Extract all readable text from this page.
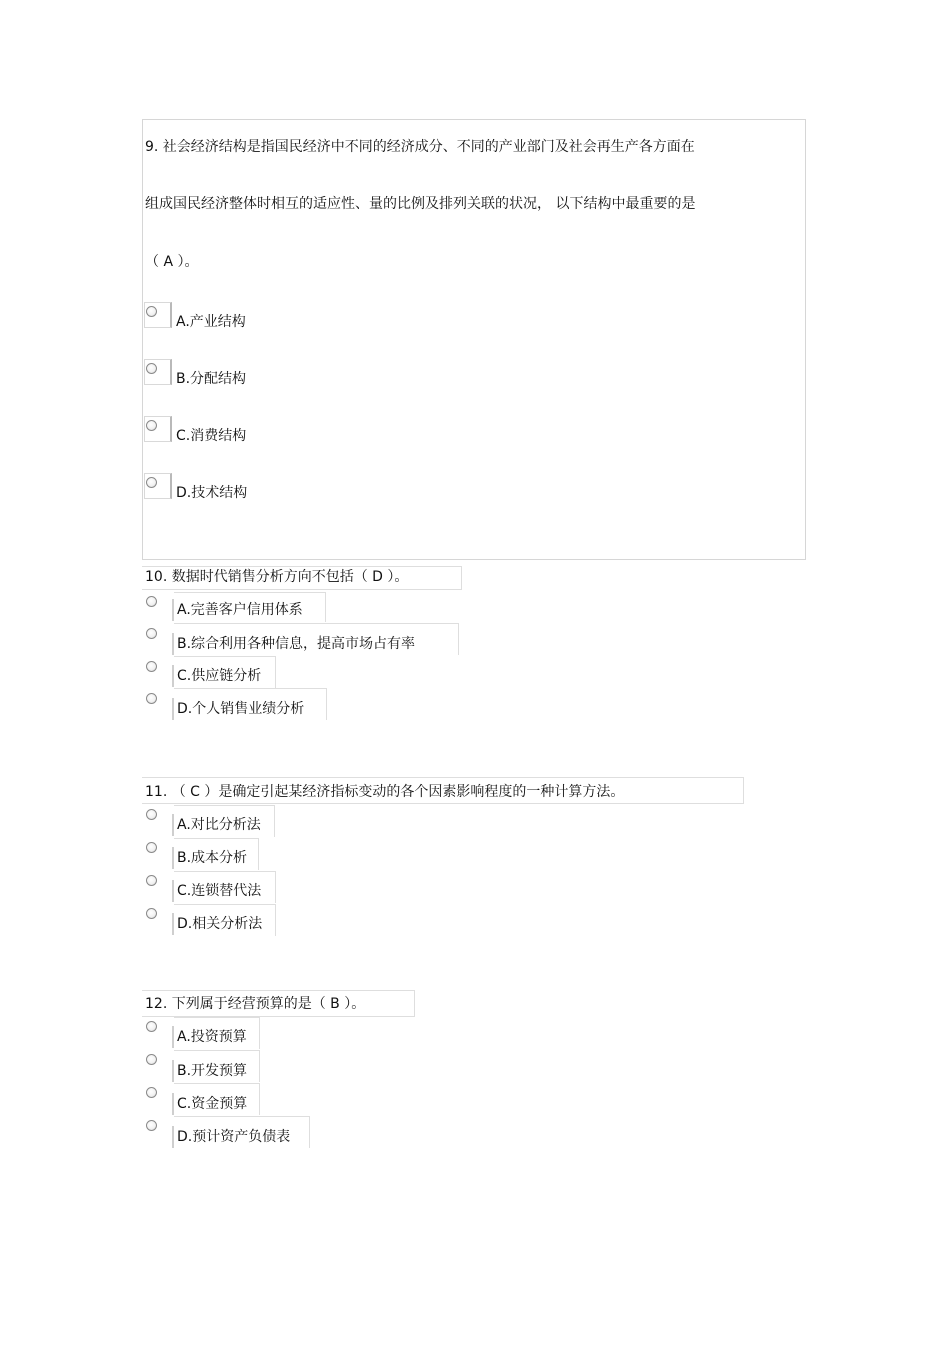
9. 社会经济结构是指国民经济中不同的经济成分、不同的产业部门及社会再生产各方面在
组成国民经济整体时相互的适应性、量的比例及排列关联的状况， 以下结构中最重要的是
（ A ）。
A.产业结构
B.分配结构
C.消费结构
D.技术结构
10. 数据时代销售分析方向不包括（ D ）。
A.完善客户信用体系
B.综合利用各种信息，提高市场占有率
C.供应链分析
D.个人销售业绩分析
11. （ C ）是确定引起某经济指标变动的各个因素影响程度的一种计算方法。
A.对比分析法
B.成本分析
C.连锁替代法
D.相关分析法
12. 下列属于经营预算的是（ B ）。
A.投资预算
B.开发预算
C.资金预算
D.预计资产负债表
